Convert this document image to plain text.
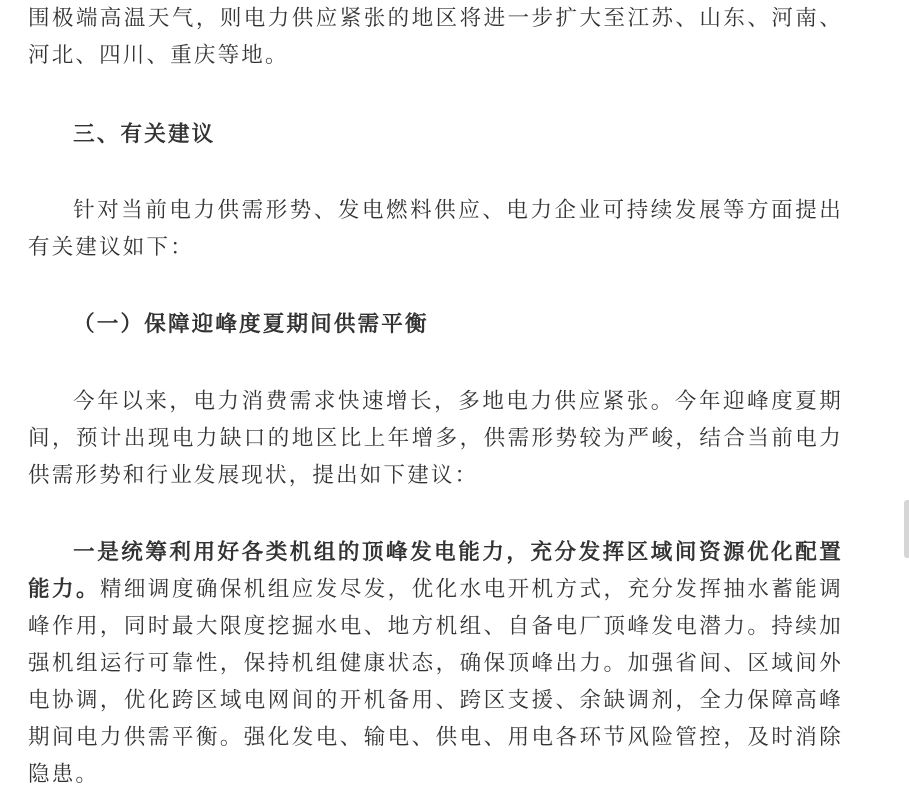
围极端高温天气，则电力供应紧张的地区将进一步扩大至江苏、山东、河南、河北、四川、重庆等地。

三、有关建议

针对当前电力供需形势、发电燃料供应、电力企业可持续发展等方面提出有关建议如下：

（一）保障迎峰度夏期间供需平衡

今年以来，电力消费需求快速增长，多地电力供应紧张。今年迎峰度夏期间，预计出现电力缺口的地区比上年增多，供需形势较为严峻，结合当前电力供需形势和行业发展现状，提出如下建议：

一是统筹利用好各类机组的顶峰发电能力，充分发挥区域间资源优化配置能力。精细调度确保机组应发尽发，优化水电开机方式，充分发挥抽水蓄能调峰作用，同时最大限度挖掘水电、地方机组、自备电厂顶峰发电潜力。持续加强机组运行可靠性，保持机组健康状态，确保顶峰出力。加强省间、区域间外电协调，优化跨区域电网间的开机备用、跨区支援、余缺调剂，全力保障高峰期间电力供需平衡。强化发电、输电、供电、用电各环节风险管控，及时消除隐患。
